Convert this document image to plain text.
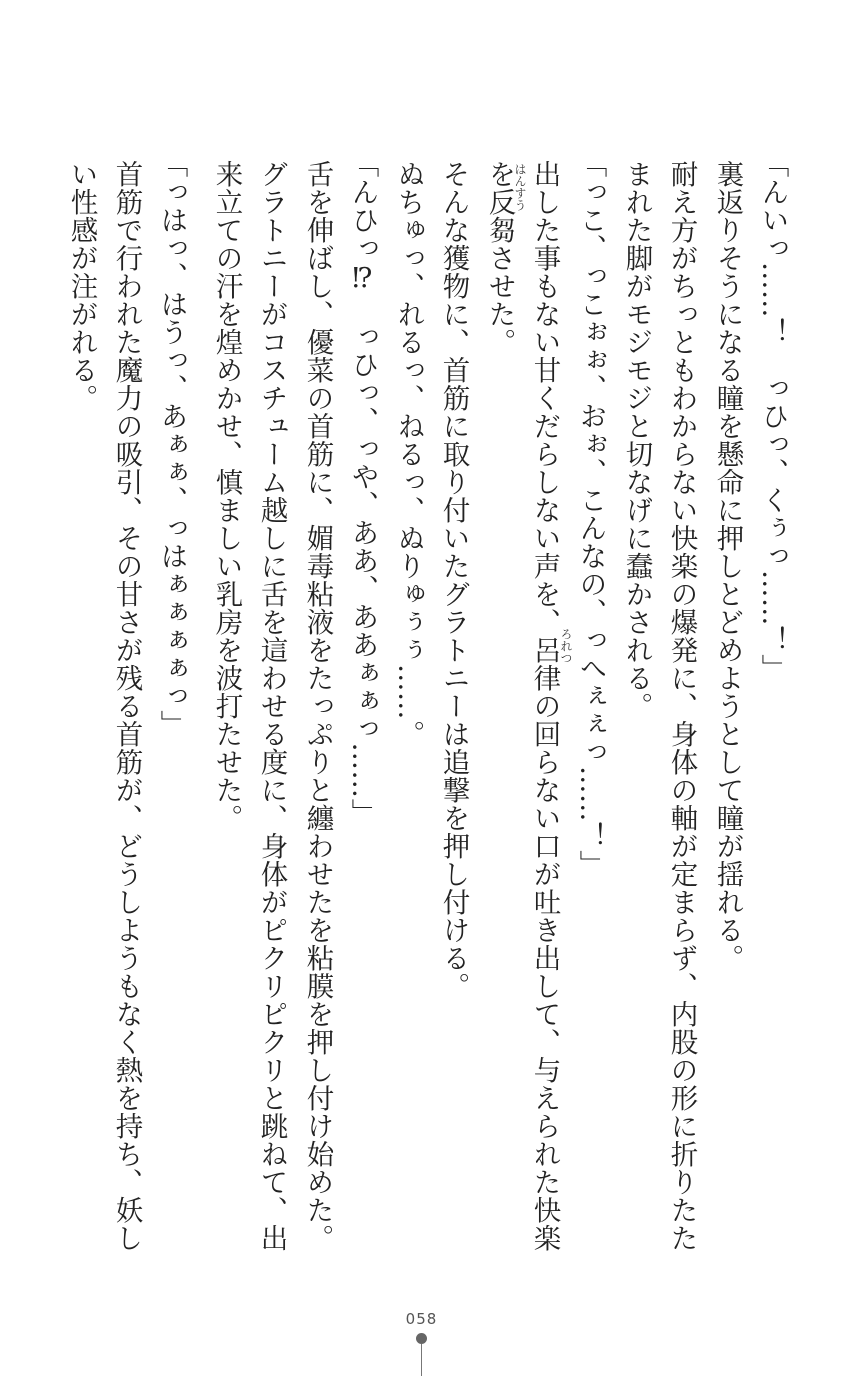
「んいっ……！　っひっ、くぅっ……！」
裏返りそうになる瞳を懸命に押しとどめようとして瞳が揺れる。
耐え方がちっともわからない快楽の爆発に、身体の軸が定まらず、内股の形に折りたた
まれた脚がモジモジと切なげに蠢かされる。
「っこ、っこぉぉ、おぉ、こんなの、っへぇぇっ……！」
出した事もない甘くだらしない声を、呂律の回らない口が吐き出して、与えられた快楽
を反芻させた。
そんな獲物に、首筋に取り付いたグラトニーは追撃を押し付ける。
ぬちゅっ、れるっ、ねるっ、ぬりゅぅぅ……。
「んひっ⁉　っひっ、っや、ああ、ああぁぁっ……」
舌を伸ばし、優菜の首筋に、媚毒粘液をたっぷりと纏わせたを粘膜を押し付け始めた。
グラトニーがコスチューム越しに舌を這わせる度に、身体がピクリピクリと跳ねて、出
来立ての汗を煌めかせ、慎ましい乳房を波打たせた。
「っはっ、はうっ、あぁぁ、っはぁぁぁぁっ」
首筋で行われた魔力の吸引、その甘さが残る首筋が、どうしようもなく熱を持ち、妖し
い性感が注がれる。
ろれつ
はんすう
058
